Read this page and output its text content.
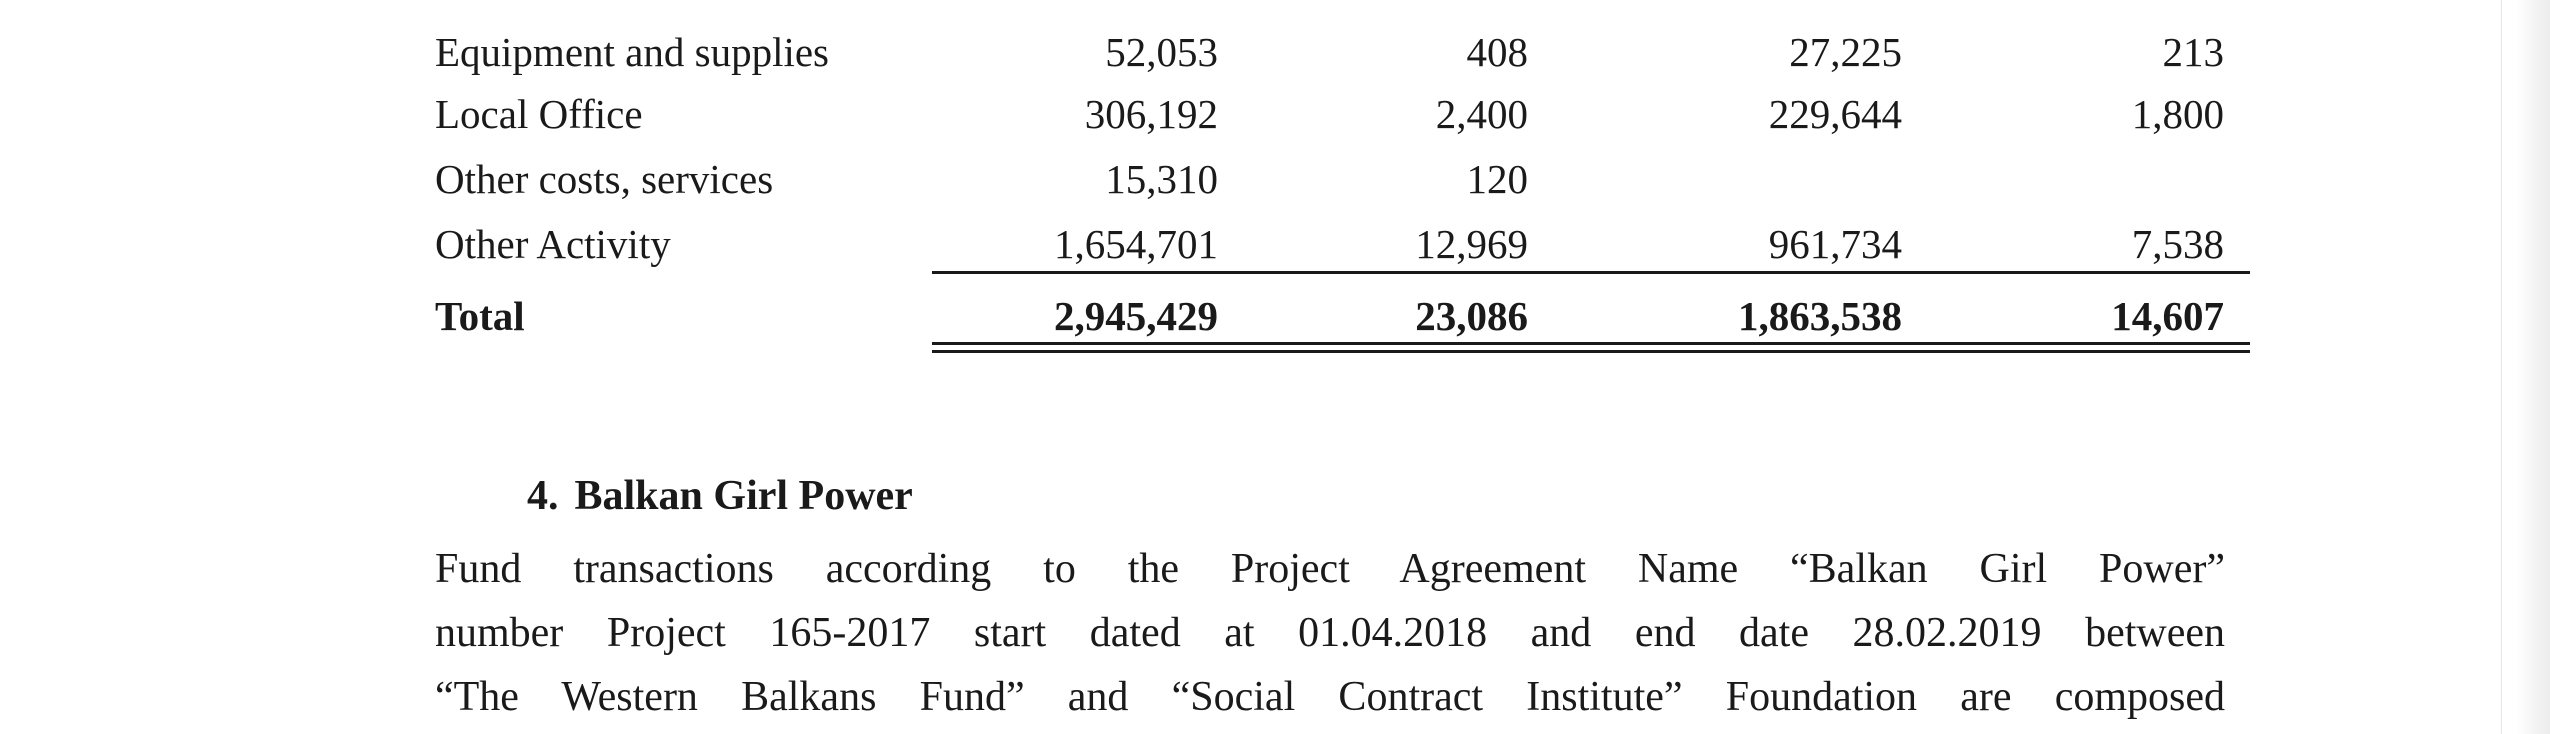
Equipment and supplies	52,053	408	27,225	213
Local Office	306,192	2,400	229,644	1,800
Other costs, services	15,310	120
Other Activity	1,654,701	12,969	961,734	7,538
Total	2,945,429	23,086	1,863,538	14,607
4. Balkan Girl Power
Fund transactions according to the Project Agreement Name “Balkan Girl Power”
number Project 165-2017 start dated at 01.04.2018 and end date 28.02.2019 between
“The Western Balkans Fund” and “Social Contract Institute” Foundation are composed
